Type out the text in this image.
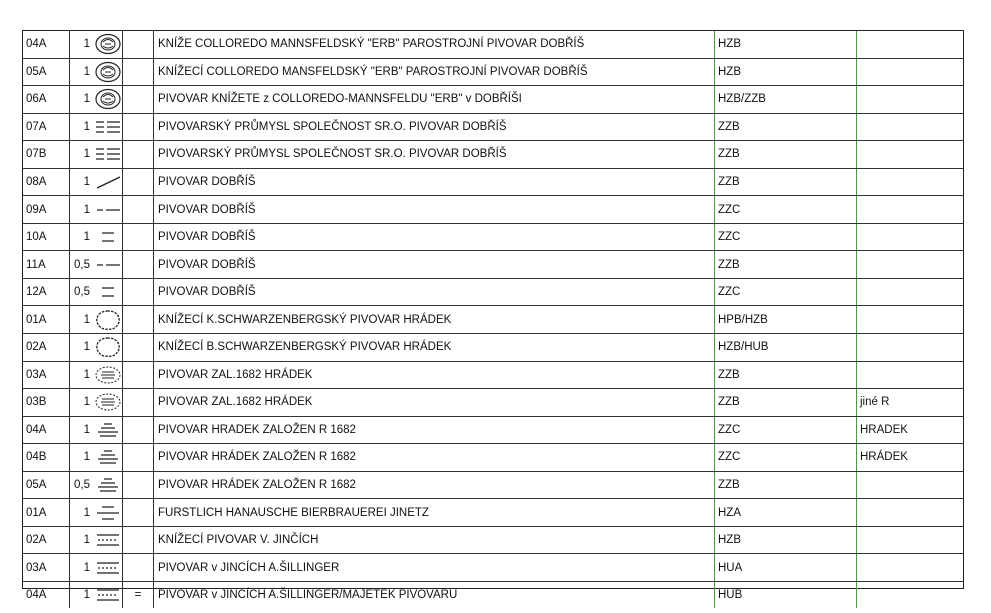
04A	1			KNÍŽE COLLOREDO MANNSFELDSKÝ "ERB" PAROSTROJNÍ PIVOVAR DOBŘÍŠ	HZB	
05A	1			KNÍŽECÍ COLLOREDO MANSFELDSKÝ "ERB" PAROSTROJNÍ PIVOVAR DOBŘÍŠ	HZB	
06A	1			PIVOVAR KNÍŽETE z COLLOREDO-MANNSFELDU "ERB" v DOBŘÍŠI	HZB/ZZB	
07A	1			PIVOVARSKÝ PRŮMYSL SPOLEČNOST SR.O. PIVOVAR DOBŘÍŠ	ZZB	
07B	1			PIVOVARSKÝ PRŮMYSL SPOLEČNOST SR.O. PIVOVAR DOBŘÍŠ	ZZB	
08A	1			PIVOVAR DOBŘÍŠ	ZZB	
09A	1			PIVOVAR DOBŘÍŠ	ZZC	
10A	1			PIVOVAR DOBŘÍŠ	ZZC	
11A	0,5			PIVOVAR DOBŘÍŠ	ZZB	
12A	0,5			PIVOVAR DOBŘÍŠ	ZZC	
01A	1			KNÍŽECÍ K.SCHWARZENBERGSKÝ PIVOVAR HRÁDEK	HPB/HZB	
02A	1			KNÍŽECÍ B.SCHWARZENBERGSKÝ PIVOVAR HRÁDEK	HZB/HUB	
03A	1			PIVOVAR ZAL.1682 HRÁDEK	ZZB	
03B	1			PIVOVAR ZAL.1682 HRÁDEK	ZZB	jiné R
04A	1			PIVOVAR HRADEK ZALOŽEN R 1682	ZZC	HRADEK
04B	1			PIVOVAR HRÁDEK ZALOŽEN R 1682	ZZC	HRÁDEK
05A	0,5			PIVOVAR HRÁDEK ZALOŽEN R 1682	ZZB	
01A	1			FURSTLICH HANAUSCHE BIERBRAUEREI JINETZ	HZA	
02A	1			KNÍŽECÍ PIVOVAR V. JINČÍCH	HZB	
03A	1			PIVOVAR v JINCÍCH A.ŠILLINGER	HUA	
04A	1		=	PIVOVAR v JINCÍCH A.ŠILLINGER/MAJETEK PIVOVARU	HUB	
